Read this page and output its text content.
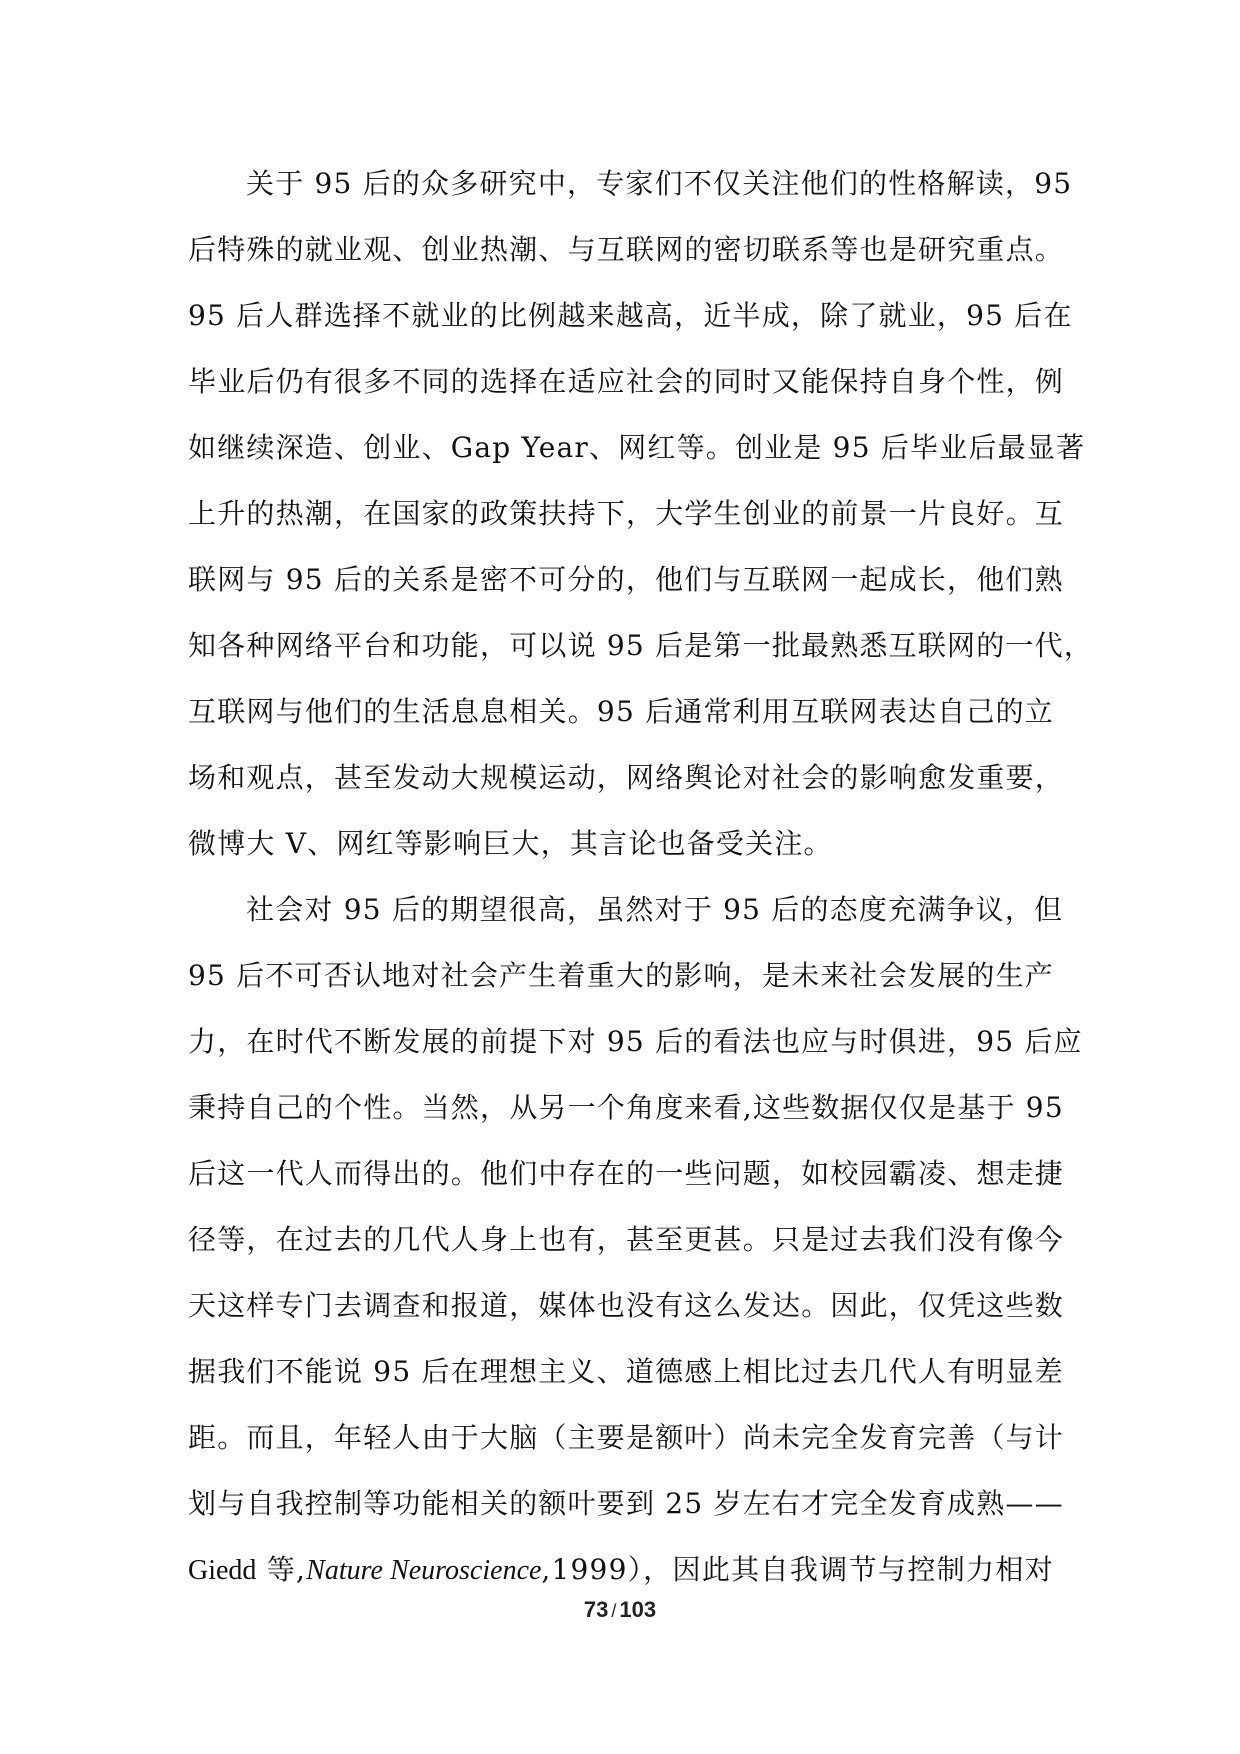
关于 95 后的众多研究中，专家们不仅关注他们的性格解读，95
后特殊的就业观、创业热潮、与互联网的密切联系等也是研究重点。
95 后人群选择不就业的比例越来越高，近半成，除了就业，95 后在
毕业后仍有很多不同的选择在适应社会的同时又能保持自身个性，例
如继续深造、创业、Gap Year、网红等。创业是 95 后毕业后最显著
上升的热潮，在国家的政策扶持下，大学生创业的前景一片良好。互
联网与 95 后的关系是密不可分的，他们与互联网一起成长，他们熟
知各种网络平台和功能，可以说 95 后是第一批最熟悉互联网的一代，
互联网与他们的生活息息相关。95 后通常利用互联网表达自己的立
场和观点，甚至发动大规模运动，网络舆论对社会的影响愈发重要，
微博大 V、网红等影响巨大，其言论也备受关注。
社会对 95 后的期望很高，虽然对于 95 后的态度充满争议，但
95 后不可否认地对社会产生着重大的影响，是未来社会发展的生产
力，在时代不断发展的前提下对 95 后的看法也应与时俱进，95 后应
秉持自己的个性。当然，从另一个角度来看,这些数据仅仅是基于 95
后这一代人而得出的。他们中存在的一些问题，如校园霸凌、想走捷
径等，在过去的几代人身上也有，甚至更甚。只是过去我们没有像今
天这样专门去调查和报道，媒体也没有这么发达。因此，仅凭这些数
据我们不能说 95 后在理想主义、道德感上相比过去几代人有明显差
距。而且，年轻人由于大脑（主要是额叶）尚未完全发育完善（与计
划与自我控制等功能相关的额叶要到 25 岁左右才完全发育成熟——
Giedd 等,Nature Neuroscience,1999），因此其自我调节与控制力相对
73 / 103
